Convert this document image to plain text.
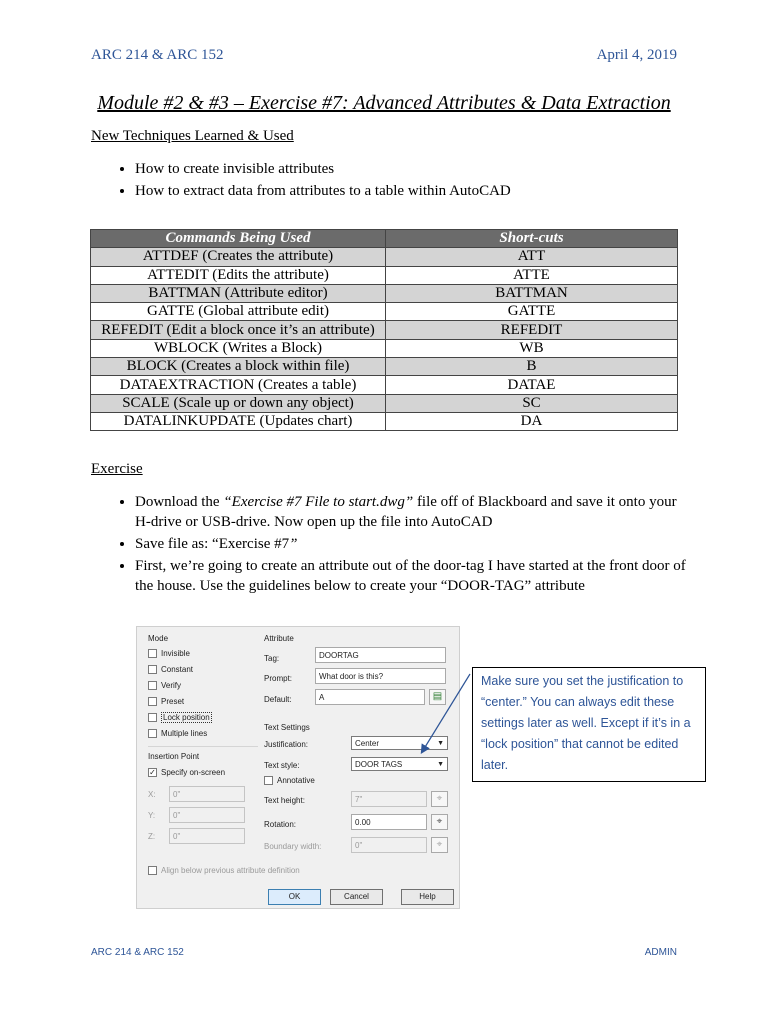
ARC 214 & ARC 152	April 4, 2019
Module #2 & #3 – Exercise #7: Advanced Attributes & Data Extraction
New Techniques Learned & Used
• How to create invisible attributes
• How to extract data from attributes to a table within AutoCAD
Commands Being Used	Short-cuts
ATTDEF (Creates the attribute)	ATT
ATTEDIT (Edits the attribute)	ATTE
BATTMAN (Attribute editor)	BATTMAN
GATTE (Global attribute edit)	GATTE
REFEDIT (Edit a block once it’s an attribute)	REFEDIT
WBLOCK (Writes a Block)	WB
BLOCK (Creates a block within file)	B
DATAEXTRACTION (Creates a table)	DATAE
SCALE (Scale up or down any object)	SC
DATALINKUPDATE (Updates chart)	DA
Exercise
• Download the “Exercise #7 File to start.dwg” file off of Blackboard and save it onto your H-drive or USB-drive. Now open up the file into AutoCAD
• Save file as: “Exercise #7”
• First, we’re going to create an attribute out of the door-tag I have started at the front door of the house. Use the guidelines below to create your “DOOR-TAG” attribute
Mode
Invisible
Constant
Verify
Preset
Lock position
Multiple lines
Insertion Point
✓ Specify on-screen
X:	0"
Y:	0"
Z:	0"
Attribute
Tag:	DOORTAG
Prompt:	What door is this?
Default:	A	▤
Text Settings
Justification:	Center	▼
Text style:	DOOR TAGS	▼
Annotative
Text height:	7"	⌖
Rotation:	0.00	⌖
Boundary width:	0"	⌖
Align below previous attribute definition
OK	Cancel	Help
Make sure you set the justification to “center.” You can always edit these settings later as well. Except if it’s in a “lock position” that cannot be edited later.
ARC 214 & ARC 152	ADMIN
